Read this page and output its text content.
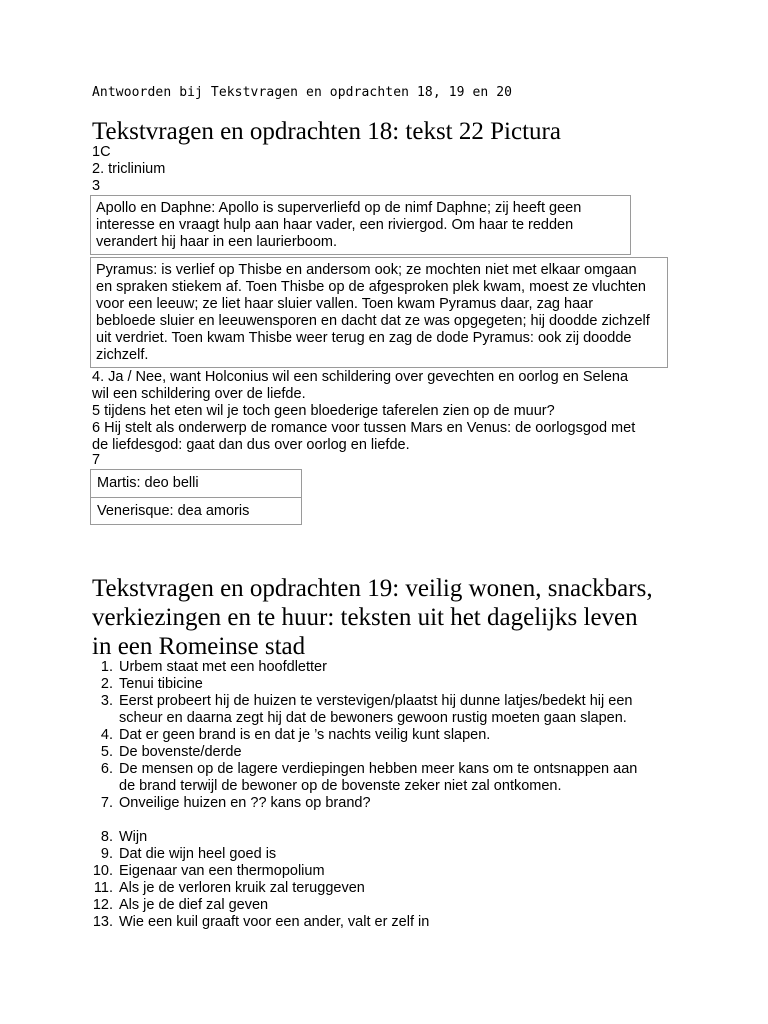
Antwoorden bij Tekstvragen en opdrachten 18, 19 en 20
Tekstvragen en opdrachten 18: tekst 22 Pictura
1C
2. triclinium
3
Apollo en Daphne: Apollo is superverliefd op de nimf Daphne; zij heeft geen
interesse en vraagt hulp aan haar vader, een riviergod. Om haar te redden
verandert hij haar in een laurierboom.
Pyramus: is verlief op Thisbe en andersom ook; ze mochten niet met elkaar omgaan
en spraken stiekem af. Toen Thisbe op de afgesproken plek kwam, moest ze vluchten
voor een leeuw; ze liet haar sluier vallen. Toen kwam Pyramus daar, zag haar
bebloede sluier en leeuwensporen en dacht dat ze was opgegeten; hij doodde zichzelf
uit verdriet. Toen kwam Thisbe weer terug en zag de dode Pyramus: ook zij doodde
zichzelf.
4. Ja / Nee, want Holconius wil een schildering over gevechten en oorlog en Selena
wil een schildering over de liefde.
5 tijdens het eten wil je toch geen bloederige taferelen zien op de muur?
6 Hij stelt als onderwerp de romance voor tussen Mars en Venus: de oorlogsgod met
de liefdesgod: gaat dan dus over oorlog en liefde.
7
Martis: deo belli
Venerisque: dea amoris
Tekstvragen en opdrachten 19: veilig wonen, snackbars,
verkiezingen en te huur: teksten uit het dagelijks leven
in een Romeinse stad
1. Urbem staat met een hoofdletter
2. Tenui tibicine
3. Eerst probeert hij de huizen te verstevigen/plaatst hij dunne latjes/bedekt hij een
scheur en daarna zegt hij dat de bewoners gewoon rustig moeten gaan slapen.
4. Dat er geen brand is en dat je ’s nachts veilig kunt slapen.
5. De bovenste/derde
6. De mensen op de lagere verdiepingen hebben meer kans om te ontsnappen aan
de brand terwijl de bewoner op de bovenste zeker niet zal ontkomen.
7. Onveilige huizen en ?? kans op brand?
8. Wijn
9. Dat die wijn heel goed is
10. Eigenaar van een thermopolium
11. Als je de verloren kruik zal teruggeven
12. Als je de dief zal geven
13. Wie een kuil graaft voor een ander, valt er zelf in
